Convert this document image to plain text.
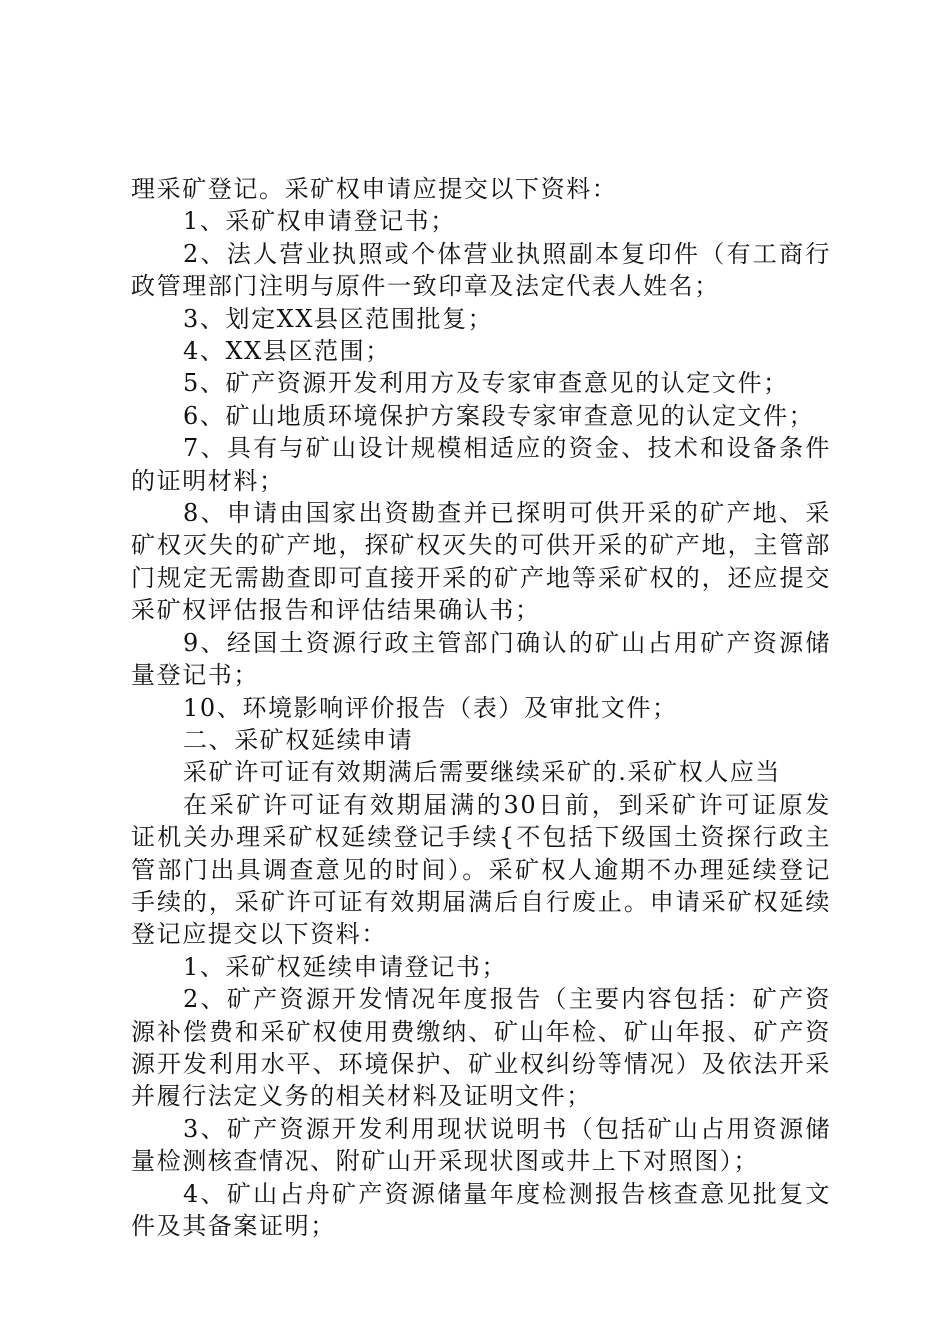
理采矿登记。采矿权申请应提交以下资料：

1、采矿权申请登记书；

2、法人营业执照或个体营业执照副本复印件（有工商行政管理部门注明与原件一致印章及法定代表人姓名；

3、划定XX县区范围批复；

4、XX县区范围；

5、矿产资源开发利用方及专家审查意见的认定文件；

6、矿山地质环境保护方案段专家审查意见的认定文件；

7、具有与矿山设计规模相适应的资金、技术和设备条件的证明材料；

8、申请由国家出资勘查并已探明可供开采的矿产地、采矿权灭失的矿产地，探矿权灭失的可供开采的矿产地，主管部门规定无需勘查即可直接开采的矿产地等采矿权的，还应提交采矿权评估报告和评估结果确认书；

9、经国土资源行政主管部门确认的矿山占用矿产资源储量登记书；

10、环境影响评价报告（表）及审批文件；

二、采矿权延续申请

采矿许可证有效期满后需要继续采矿的.采矿权人应当

在采矿许可证有效期届满的30日前，到采矿许可证原发证机关办理采矿权延续登记手续{不包括下级国土资探行政主管部门出具调查意见的时间）。采矿权人逾期不办理延续登记手续的，采矿许可证有效期届满后自行废止。申请采矿权延续登记应提交以下资料：

1、采矿权延续申请登记书；

2、矿产资源开发情况年度报告（主要内容包括：矿产资源补偿费和采矿权使用费缴纳、矿山年检、矿山年报、矿产资源开发利用水平、环境保护、矿业权纠纷等情况）及依法开采并履行法定义务的相关材料及证明文件；

3、矿产资源开发利用现状说明书（包括矿山占用资源储量检测核查情况、附矿山开采现状图或井上下对照图）；

4、矿山占舟矿产资源储量年度检测报告核查意见批复文件及其备案证明；
